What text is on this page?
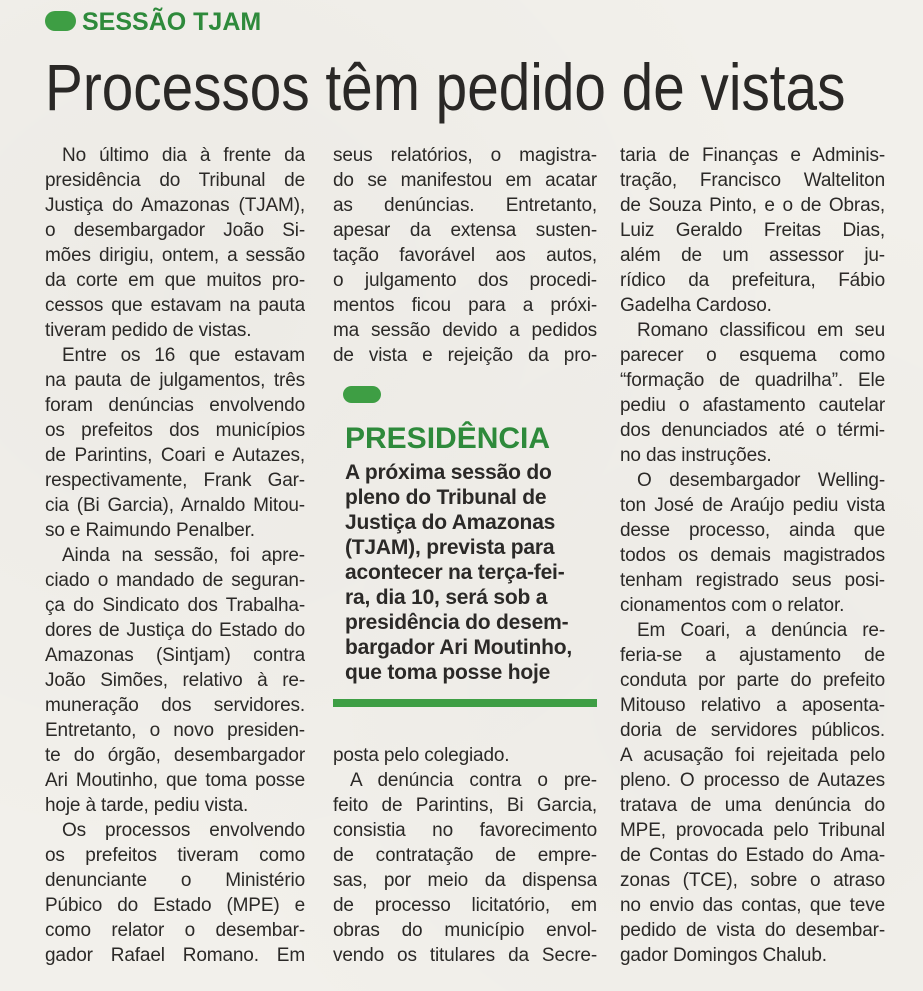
SESSÃO TJAM
Processos têm pedido de vistas
No último dia à frente da
presidência do Tribunal de
Justiça do Amazonas (TJAM),
o desembargador João Si-
mões dirigiu, ontem, a sessão
da corte em que muitos pro-
cessos que estavam na pauta
tiveram pedido de vistas.
Entre os 16 que estavam
na pauta de julgamentos, três
foram denúncias envolvendo
os prefeitos dos municípios
de Parintins, Coari e Autazes,
respectivamente, Frank Gar-
cia (Bi Garcia), Arnaldo Mitou-
so e Raimundo Penalber.
Ainda na sessão, foi apre-
ciado o mandado de seguran-
ça do Sindicato dos Trabalha-
dores de Justiça do Estado do
Amazonas (Sintjam) contra
João Simões, relativo à re-
muneração dos servidores.
Entretanto, o novo presiden-
te do órgão, desembargador
Ari Moutinho, que toma posse
hoje à tarde, pediu vista.
Os processos envolvendo
os prefeitos tiveram como
denunciante o Ministério
Púbico do Estado (MPE) e
como relator o desembar-
gador Rafael Romano. Em
seus relatórios, o magistra-
do se manifestou em acatar
as denúncias. Entretanto,
apesar da extensa susten-
tação favorável aos autos,
o julgamento dos procedi-
mentos ficou para a próxi-
ma sessão devido a pedidos
de vista e rejeição da pro-
PRESIDÊNCIA
A próxima sessão do
pleno do Tribunal de
Justiça do Amazonas
(TJAM), prevista para
acontecer na terça-fei-
ra, dia 10, será sob a
presidência do desem-
bargador Ari Moutinho,
que toma posse hoje
posta pelo colegiado.
A denúncia contra o pre-
feito de Parintins, Bi Garcia,
consistia no favorecimento
de contratação de empre-
sas, por meio da dispensa
de processo licitatório, em
obras do município envol-
vendo os titulares da Secre-
taria de Finanças e Adminis-
tração, Francisco Walteliton
de Souza Pinto, e o de Obras,
Luiz Geraldo Freitas Dias,
além de um assessor ju-
rídico da prefeitura, Fábio
Gadelha Cardoso.
Romano classificou em seu
parecer o esquema como
“formação de quadrilha”. Ele
pediu o afastamento cautelar
dos denunciados até o térmi-
no das instruções.
O desembargador Welling-
ton José de Araújo pediu vista
desse processo, ainda que
todos os demais magistrados
tenham registrado seus posi-
cionamentos com o relator.
Em Coari, a denúncia re-
feria-se a ajustamento de
conduta por parte do prefeito
Mitouso relativo a aposenta-
doria de servidores públicos.
A acusação foi rejeitada pelo
pleno. O processo de Autazes
tratava de uma denúncia do
MPE, provocada pelo Tribunal
de Contas do Estado do Ama-
zonas (TCE), sobre o atraso
no envio das contas, que teve
pedido de vista do desembar-
gador Domingos Chalub.
